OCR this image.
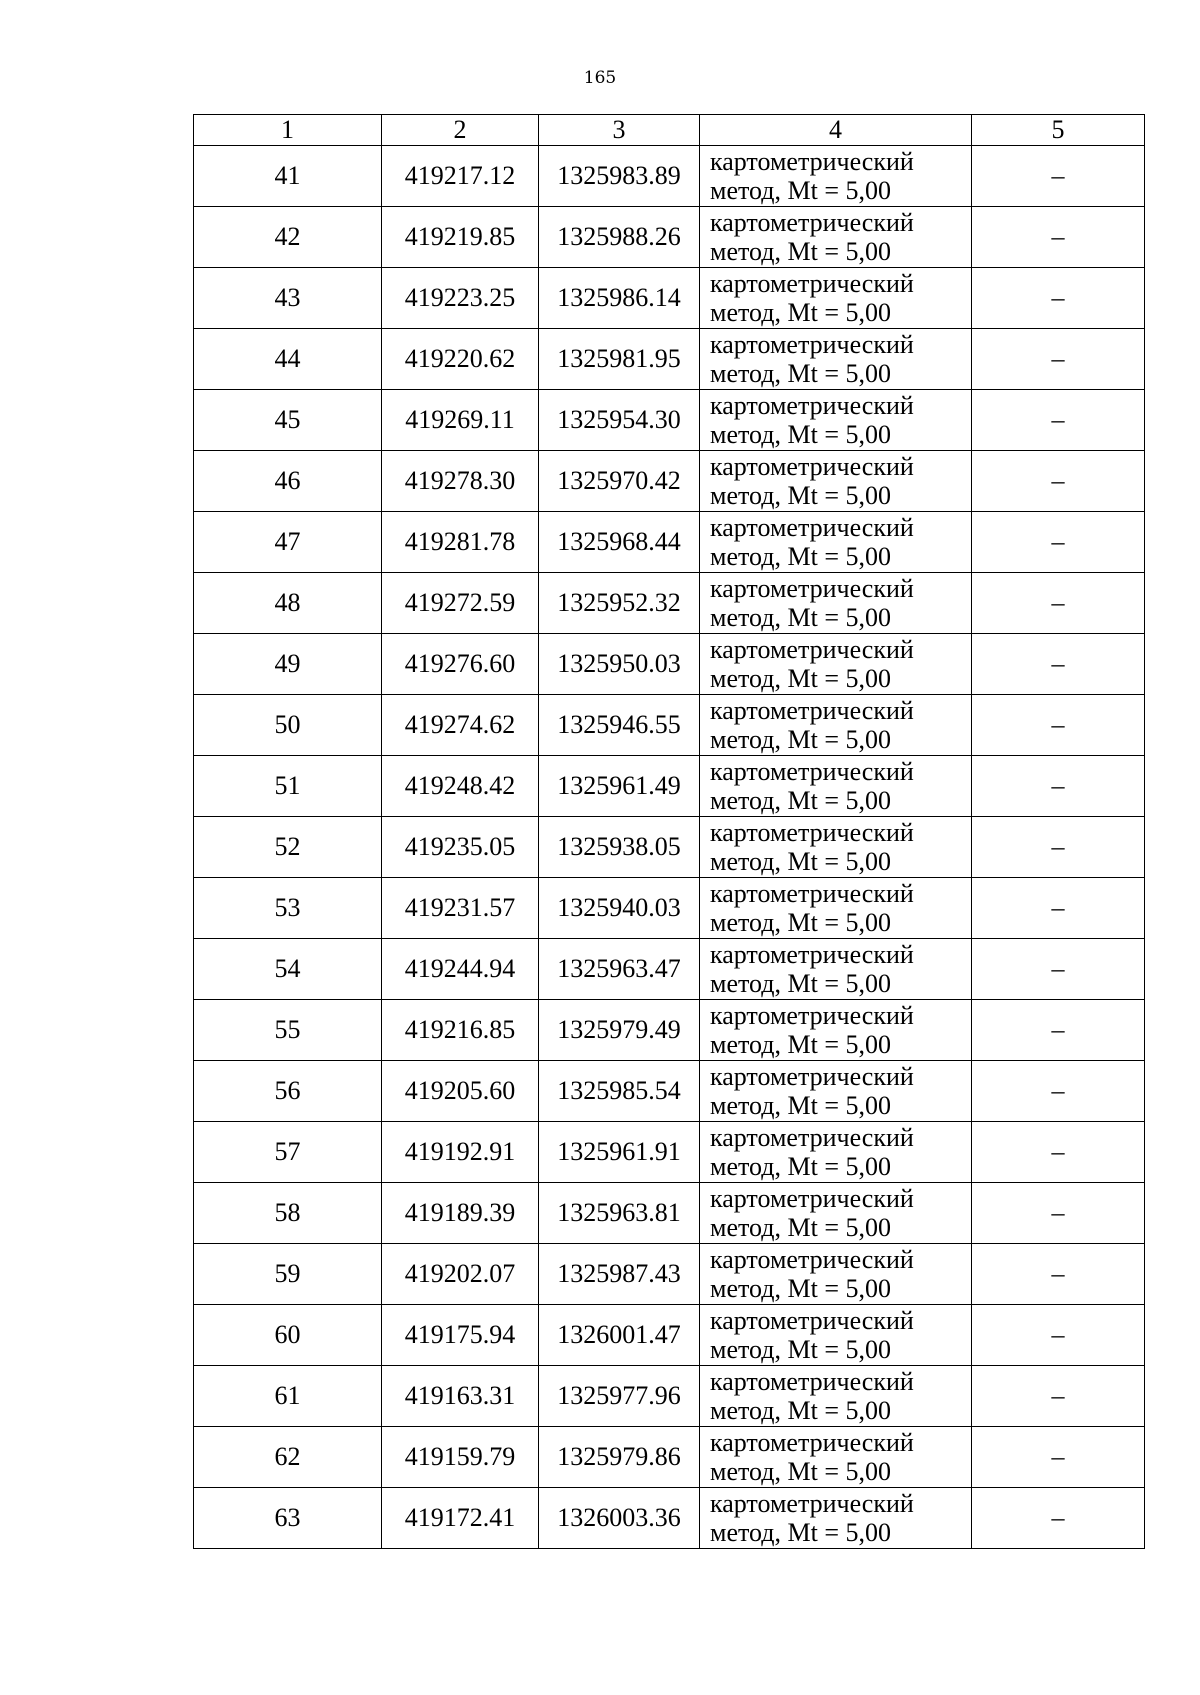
165
1	2	3	4	5
41	419217.12	1325983.89	картометрический
метод, Mt = 5,00	–
42	419219.85	1325988.26	картометрический
метод, Mt = 5,00	–
43	419223.25	1325986.14	картометрический
метод, Mt = 5,00	–
44	419220.62	1325981.95	картометрический
метод, Mt = 5,00	–
45	419269.11	1325954.30	картометрический
метод, Mt = 5,00	–
46	419278.30	1325970.42	картометрический
метод, Mt = 5,00	–
47	419281.78	1325968.44	картометрический
метод, Mt = 5,00	–
48	419272.59	1325952.32	картометрический
метод, Mt = 5,00	–
49	419276.60	1325950.03	картометрический
метод, Mt = 5,00	–
50	419274.62	1325946.55	картометрический
метод, Mt = 5,00	–
51	419248.42	1325961.49	картометрический
метод, Mt = 5,00	–
52	419235.05	1325938.05	картометрический
метод, Mt = 5,00	–
53	419231.57	1325940.03	картометрический
метод, Mt = 5,00	–
54	419244.94	1325963.47	картометрический
метод, Mt = 5,00	–
55	419216.85	1325979.49	картометрический
метод, Mt = 5,00	–
56	419205.60	1325985.54	картометрический
метод, Mt = 5,00	–
57	419192.91	1325961.91	картометрический
метод, Mt = 5,00	–
58	419189.39	1325963.81	картометрический
метод, Mt = 5,00	–
59	419202.07	1325987.43	картометрический
метод, Mt = 5,00	–
60	419175.94	1326001.47	картометрический
метод, Mt = 5,00	–
61	419163.31	1325977.96	картометрический
метод, Mt = 5,00	–
62	419159.79	1325979.86	картометрический
метод, Mt = 5,00	–
63	419172.41	1326003.36	картометрический
метод, Mt = 5,00	–
